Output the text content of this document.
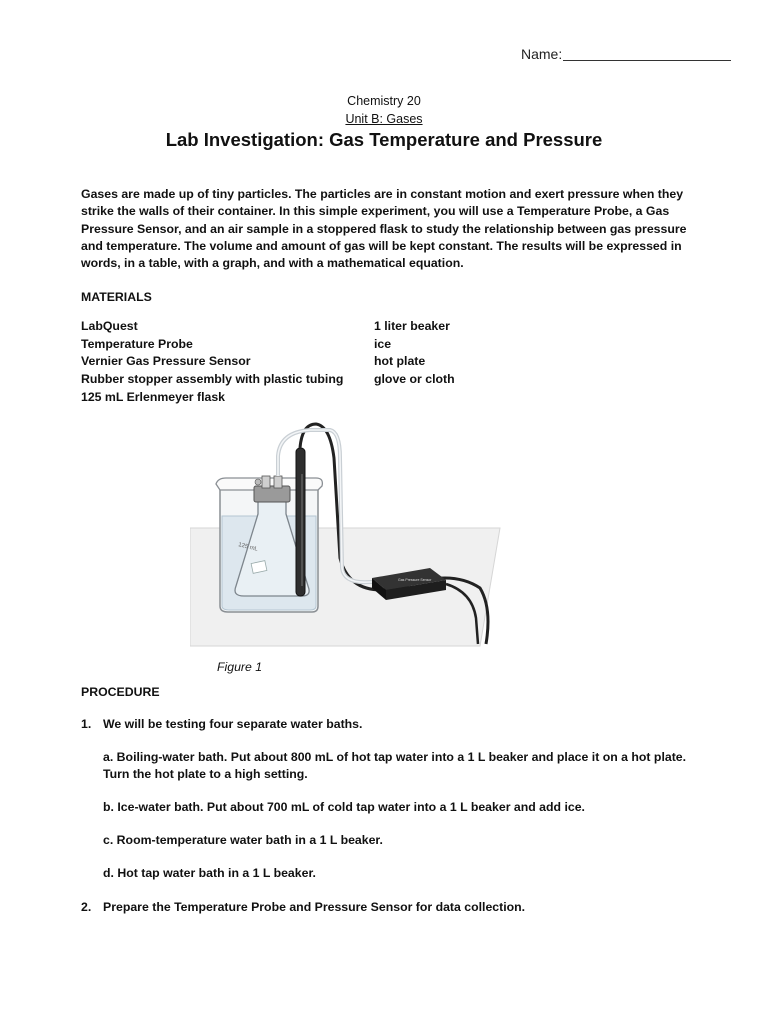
Name:
Chemistry 20
Unit B: Gases
Lab Investigation: Gas Temperature and Pressure
Gases are made up of tiny particles. The particles are in constant motion and exert pressure when they strike the walls of their container. In this simple experiment, you will use a Temperature Probe, a Gas Pressure Sensor, and an air sample in a stoppered flask to study the relationship between gas pressure and temperature. The volume and amount of gas will be kept constant. The results will be expressed in words, in a table, with a graph, and with a mathematical equation.
MATERIALS
LabQuest
Temperature Probe
Vernier Gas Pressure Sensor
Rubber stopper assembly with plastic tubing
125 mL Erlenmeyer flask
1 liter beaker
ice
hot plate
glove or cloth
125 mL
Gas Pressure Sensor
Figure 1
PROCEDURE
1. We will be testing four separate water baths.
a. Boiling-water bath. Put about 800 mL of hot tap water into a 1 L beaker and place it on a hot plate. Turn the hot plate to a high setting.
b. Ice-water bath. Put about 700 mL of cold tap water into a 1 L beaker and add ice.
c. Room-temperature water bath in a 1 L beaker.
d. Hot tap water bath in a 1 L beaker.
2. Prepare the Temperature Probe and Pressure Sensor for data collection.
